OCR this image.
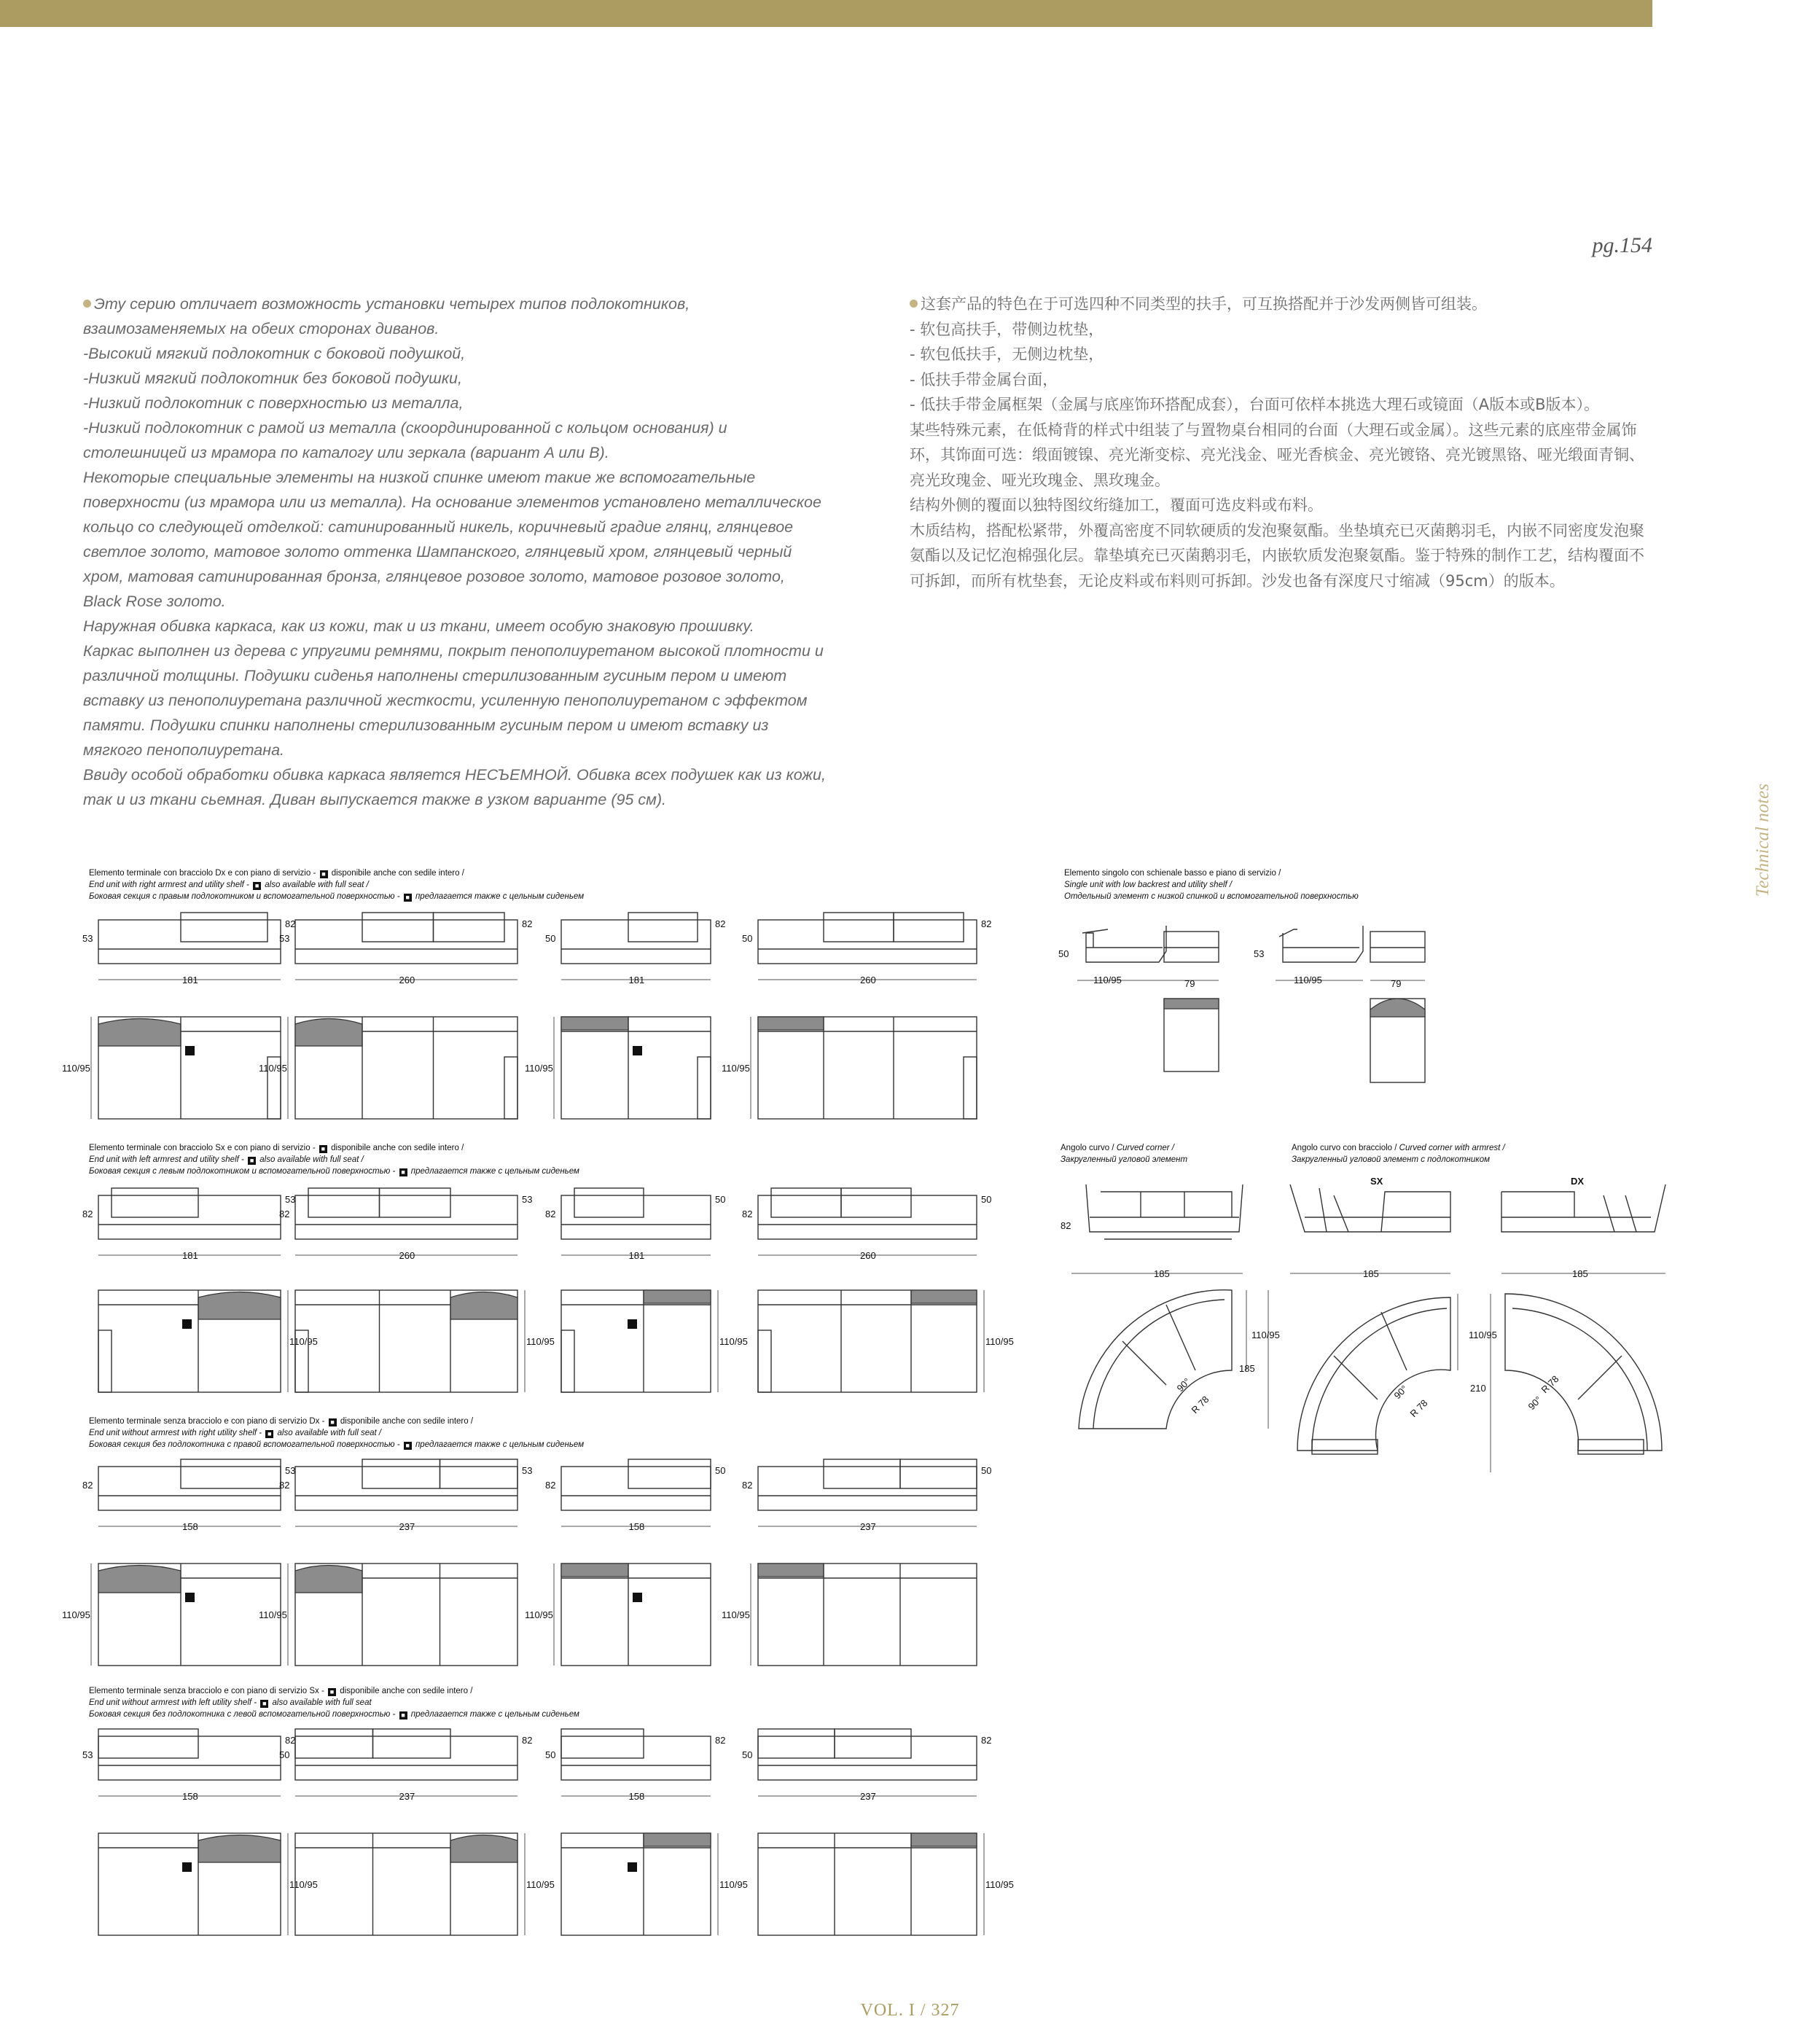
pg.154
Technical notes

Эту серию отличает возможность установки четырех типов подлокотников, взаимозаменяемых на обеих сторонах диванов.

-Высокий мягкий подлокотник с боковой подушкой,

-Низкий мягкий подлокотник без боковой подушки,

-Низкий подлокотник с поверхностью из металла,

-Низкий подлокотник с рамой из металла (скоординированной с кольцом основания) и столешницей из мрамора по каталогу или зеркала (вариант A или B).

Некоторые специальные элементы на низкой спинке имеют такие же вспомогательные поверхности (из мрамора или из металла). На основание элементов установлено металлическое кольцо со следующей отделкой: сатинированный никель, коричневый градиe глянц, глянцевое светлое золото, матовое золото оттенка Шампанского, глянцевый хром, глянцевый черный хром, матовая сатинированная бронза, глянцевое розовое золото, матовое розовое золото, Black Rose золото.

Наружная обивка каркаса, как из кожи, так и из ткани, имеет особую знаковую прошивку.

Каркас выполнен из дерева с упругими ремнями, покрыт пенополиуретаном высокой плотности и различной толщины. Подушки сиденья наполнены стерилизованным гусиным пером и имеют вставку из пенополиуретана различной жесткости, усиленную пенополиуретаном с эффектом памяти. Подушки спинки наполнены стерилизованным гусиным пером и имеют вставку из мягкого пенополиуретана.

Ввиду особой обработки обивка каркаса является НЕСЪЕМНОЙ. Обивка всех подушек как из кожи, так и из ткани сьемная. Диван выпускается также в узком варианте (95 см).

这套产品的特色在于可选四种不同类型的扶手，可互换搭配并于沙发两侧皆可组装。

- 软包高扶手，带侧边枕垫，

- 软包低扶手，无侧边枕垫，

- 低扶手带金属台面，

- 低扶手带金属框架（金属与底座饰环搭配成套），台面可依样本挑选大理石或镜面（A版本或B版本）。

某些特殊元素，在低椅背的样式中组装了与置物桌台相同的台面（大理石或金属）。这些元素的底座带金属饰环，其饰面可选：缎面镀镍、亮光渐变棕、亮光浅金、哑光香槟金、亮光镀铬、亮光镀黑铬、哑光缎面青铜、亮光玫瑰金、哑光玫瑰金、黑玫瑰金。

结构外侧的覆面以独特图纹绗缝加工，覆面可选皮料或布料。

木质结构，搭配松紧带，外覆高密度不同软硬质的发泡聚氨酯。坐垫填充已灭菌鹅羽毛，内嵌不同密度发泡聚氨酯以及记忆泡棉强化层。靠垫填充已灭菌鹅羽毛，内嵌软质发泡聚氨酯。鉴于特殊的制作工艺，结构覆面不可拆卸，而所有枕垫套，无论皮料或布料则可拆卸。沙发也备有深度尺寸缩减（95cm）的版本。

Elemento terminale con bracciolo Dx e con piano di servizio - ■ disponibile anche con sedile intero /
End unit with right armrest and utility shelf - ■ also available with full seat /
Боковая секция с правым подлокотником и вспомогательной поверхностью - ■ предлагается также с цельным сиденьем
Elemento terminale con bracciolo Sx e con piano di servizio - ■ disponibile anche con sedile intero /
End unit with left armrest and utility shelf - ■ also available with full seat /
Боковая секция с левым подлокотником и вспомогательной поверхностью - ■ предлагается также с цельным сиденьем
Elemento terminale senza bracciolo e con piano di servizio Dx - ■ disponibile anche con sedile intero /
End unit without armrest with right utility shelf - ■ also available with full seat /
Боковая секция без подлокотника с правой вспомогательной поверхностью - ■ предлагается также с цельным сиденьем
Elemento terminale senza bracciolo e con piano di servizio Sx - ■ disponibile anche con sedile intero /
End unit without armrest with left utility shelf - ■ also available with full seat
Боковая секция без подлокотника с левой вспомогательной поверхностью - ■ предлагается также с цельным сиденьем
Elemento singolo con schienale basso e piano di servizio /
Single unit with low backrest and utility shelf /
Отдельный элемент с низкой спинкой и вспомогательной поверхностью
Angolo curvo / Curved corner /
Закругленный угловой элемент
Angolo curvo con bracciolo / Curved corner with armrest /
Закругленный угловой элемент с подлокотником
181
53
82
110/95
260
53
82
110/95
181
50
82
110/95
260
50
82
110/95
181
82
53
110/95
260
82
53
110/95
181
82
50
110/95
260
82
50
110/95
158
82
53
110/95
237
82
53
110/95
158
82
50
110/95
237
82
50
110/95
158
53
82
110/95
237
50
82
110/95
158
50
82
110/95
237
50
82
110/95
50	53
110/95	79	110/95	79
82
185
110/95
185
90°
R 78
SX	DX
185	185
110/95
210
90°
R 78	90°
R 78
VOL. I / 327
